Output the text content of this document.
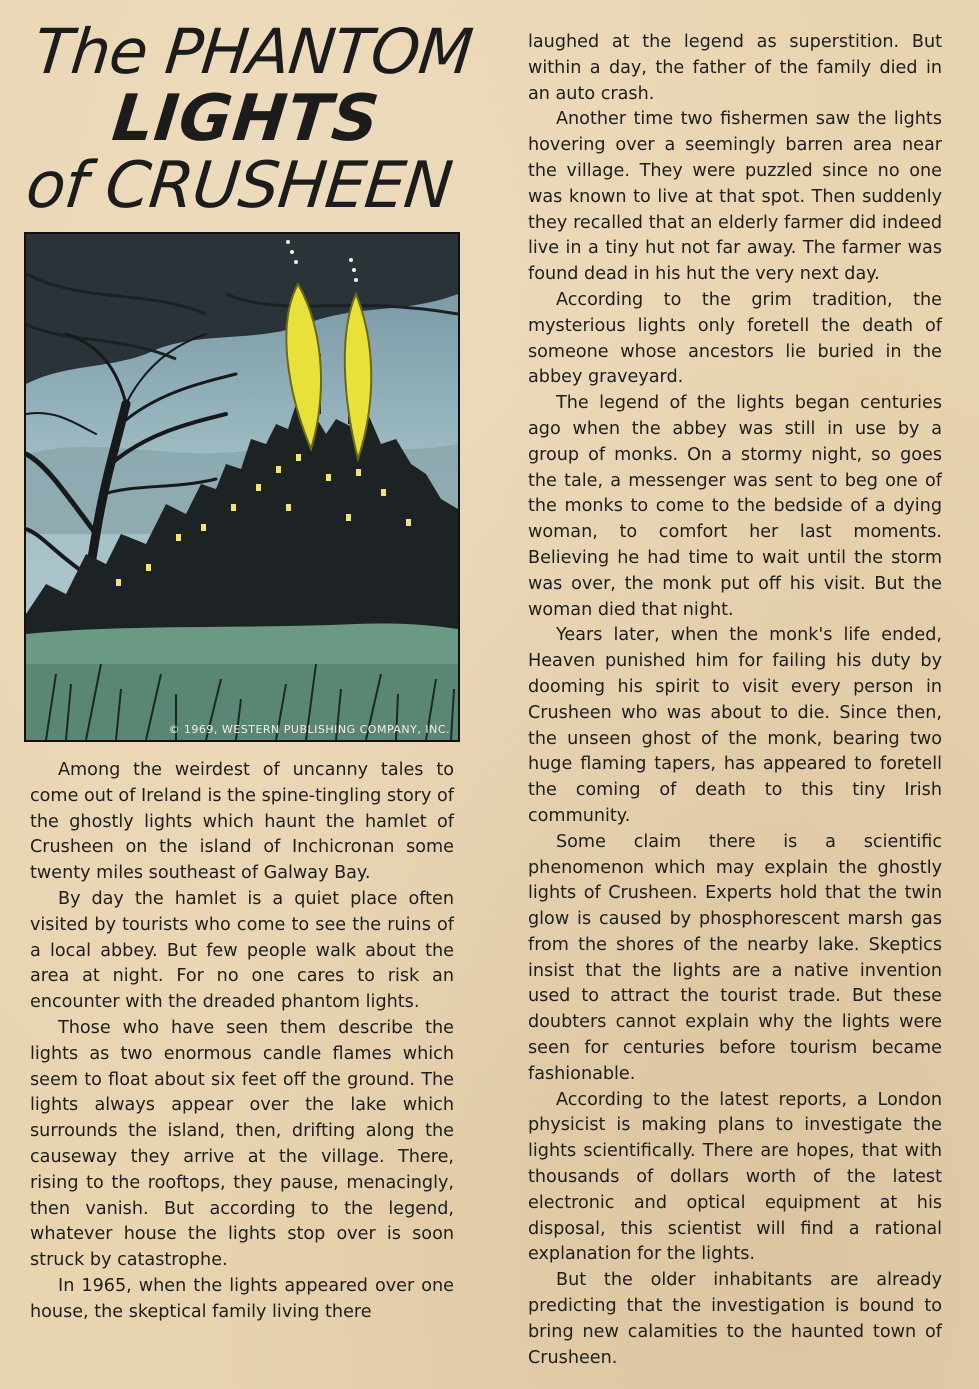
The PHANTOM
LIGHTS
of CRUSHEEN
© 1969, WESTERN PUBLISHING COMPANY, INC.

Among the weirdest of uncanny tales to come out of Ireland is the spine-tingling story of the ghostly lights which haunt the hamlet of Crusheen on the island of Inchicronan some twenty miles southeast of Galway Bay.

By day the hamlet is a quiet place often visited by tourists who come to see the ruins of a local abbey. But few people walk about the area at night. For no one cares to risk an encounter with the dreaded phantom lights.

Those who have seen them describe the lights as two enormous candle flames which seem to float about six feet off the ground. The lights always appear over the lake which surrounds the island, then, drifting along the causeway they arrive at the village. There, rising to the rooftops, they pause, menacingly, then vanish. But according to the legend, whatever house the lights stop over is soon struck by catastrophe.

In 1965, when the lights appeared over one house, the skeptical family living there

laughed at the legend as superstition. But within a day, the father of the family died in an auto crash.

Another time two fishermen saw the lights hovering over a seemingly barren area near the village. They were puzzled since no one was known to live at that spot. Then suddenly they recalled that an elderly farmer did indeed live in a tiny hut not far away. The farmer was found dead in his hut the very next day.

According to the grim tradition, the mysterious lights only foretell the death of someone whose ancestors lie buried in the abbey graveyard.

The legend of the lights began centuries ago when the abbey was still in use by a group of monks. On a stormy night, so goes the tale, a messenger was sent to beg one of the monks to come to the bedside of a dying woman, to comfort her last moments. Believing he had time to wait until the storm was over, the monk put off his visit. But the woman died that night.

Years later, when the monk's life ended, Heaven punished him for failing his duty by dooming his spirit to visit every person in Crusheen who was about to die. Since then, the unseen ghost of the monk, bearing two huge flaming tapers, has appeared to foretell the coming of death to this tiny Irish community.

Some claim there is a scientific phenomenon which may explain the ghostly lights of Crusheen. Experts hold that the twin glow is caused by phosphorescent marsh gas from the shores of the nearby lake. Skeptics insist that the lights are a native invention used to attract the tourist trade. But these doubters cannot explain why the lights were seen for centuries before tourism became fashionable.

According to the latest reports, a London physicist is making plans to investigate the lights scientifically. There are hopes, that with thousands of dollars worth of the latest electronic and optical equipment at his disposal, this scientist will find a rational explanation for the lights.

But the older inhabitants are already predicting that the investigation is bound to bring new calamities to the haunted town of Crusheen.
